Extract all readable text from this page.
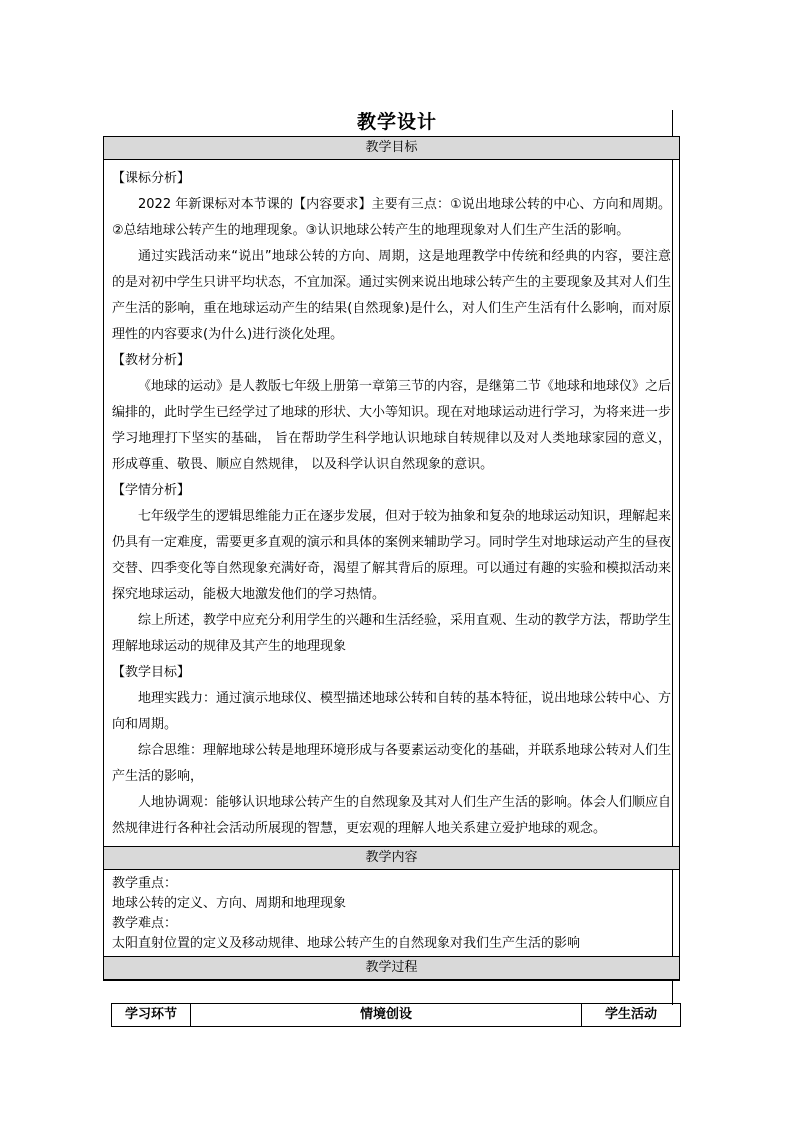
教学设计
教学目标

【课标分析】

2022 年新课标对本节课的【内容要求】主要有三点：①说出地球公转的中心、方向和周期。②总结地球公转产生的地理现象。③认识地球公转产生的地理现象对人们生产生活的影响。

通过实践活动来“说出”地球公转的方向、周期，这是地理教学中传统和经典的内容，要注意的是对初中学生只讲平均状态，不宜加深。通过实例来说出地球公转产生的主要现象及其对人们生产生活的影响，重在地球运动产生的结果(自然现象)是什么，对人们生产生活有什么影响，而对原理性的内容要求(为什么)进行淡化处理。

【教材分析】

《地球的运动》是人教版七年级上册第一章第三节的内容，是继第二节《地球和地球仪》之后编排的，此时学生已经学过了地球的形状、大小等知识。现在对地球运动进行学习，为将来进一步学习地理打下坚实的基础， 旨在帮助学生科学地认识地球自转规律以及对人类地球家园的意义，形成尊重、敬畏、顺应自然规律， 以及科学认识自然现象的意识。

【学情分析】

七年级学生的逻辑思维能力正在逐步发展，但对于较为抽象和复杂的地球运动知识，理解起来仍具有一定难度，需要更多直观的演示和具体的案例来辅助学习。同时学生对地球运动产生的昼夜交替、四季变化等自然现象充满好奇，渴望了解其背后的原理。可以通过有趣的实验和模拟活动来探究地球运动，能极大地激发他们的学习热情。

综上所述，教学中应充分利用学生的兴趣和生活经验，采用直观、生动的教学方法，帮助学生理解地球运动的规律及其产生的地理现象

【教学目标】

地理实践力：通过演示地球仪、模型描述地球公转和自转的基本特征，说出地球公转中心、方向和周期。

综合思维：理解地球公转是地理环境形成与各要素运动变化的基础，并联系地球公转对人们生产生活的影响，

人地协调观：能够认识地球公转产生的自然现象及其对人们生产生活的影响。体会人们顺应自然规律进行各种社会活动所展现的智慧，更宏观的理解人地关系建立爱护地球的观念。

教学内容

教学重点：

地球公转的定义、方向、周期和地理现象

教学难点：

太阳直射位置的定义及移动规律、地球公转产生的自然现象对我们生产生活的影响

教学过程
学习环节	情境创设	学生活动
